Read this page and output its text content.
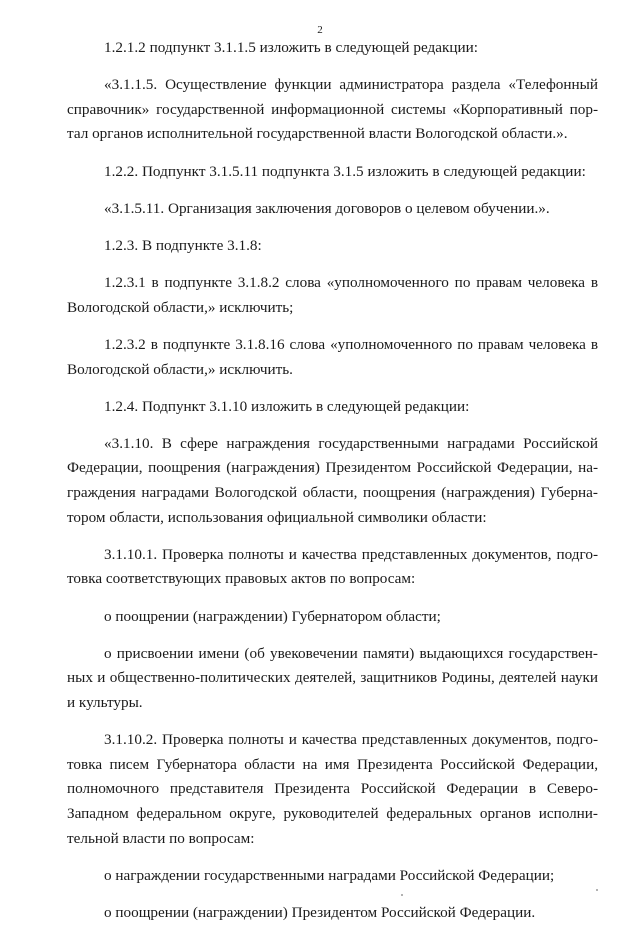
2
1.2.1.2 подпункт 3.1.1.5 изложить в следующей редакции:
«3.1.1.5. Осуществление функции администратора раздела «Телефонный
справочник» государственной информационной системы «Корпоративный пор-
тал органов исполнительной государственной власти Вологодской области.».
1.2.2. Подпункт 3.1.5.11 подпункта 3.1.5 изложить в следующей редакции:
«3.1.5.11. Организация заключения договоров о целевом обучении.».
1.2.3. В подпункте 3.1.8:
1.2.3.1 в подпункте 3.1.8.2 слова «уполномоченного по правам человека в
Вологодской области,» исключить;
1.2.3.2 в подпункте 3.1.8.16 слова «уполномоченного по правам человека в
Вологодской области,» исключить.
1.2.4. Подпункт 3.1.10 изложить в следующей редакции:
«3.1.10. В сфере награждения государственными наградами Российской
Федерации, поощрения (награждения) Президентом Российской Федерации, на-
граждения наградами Вологодской области, поощрения (награждения) Губерна-
тором области, использования официальной символики области:
3.1.10.1. Проверка полноты и качества представленных документов, подго-
товка соответствующих правовых актов по вопросам:
о поощрении (награждении) Губернатором области;
о присвоении имени (об увековечении памяти) выдающихся государствен-
ных и общественно-политических деятелей, защитников Родины, деятелей науки
и культуры.
3.1.10.2. Проверка полноты и качества представленных документов, подго-
товка писем Губернатора области на имя Президента Российской Федерации,
полномочного представителя Президента Российской Федерации в Северо-
Западном федеральном округе, руководителей федеральных органов исполни-
тельной власти по вопросам:
о награждении государственными наградами Российской Федерации;
о поощрении (награждении) Президентом Российской Федерации.
